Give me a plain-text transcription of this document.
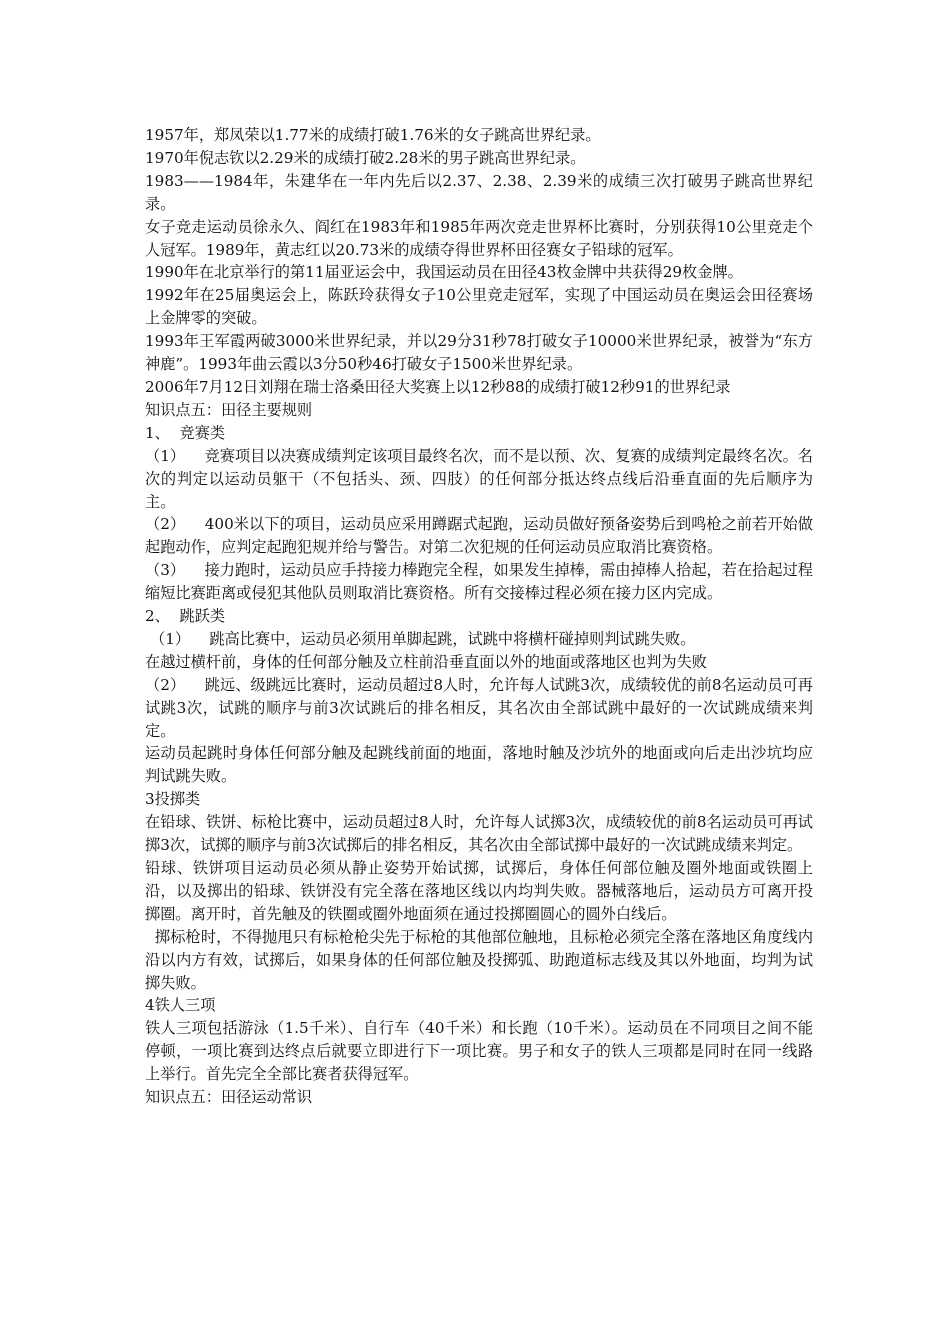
1957年，郑凤荣以1.77米的成绩打破1.76米的女子跳高世界纪录。

1970年倪志钦以2.29米的成绩打破2.28米的男子跳高世界纪录。

1983——1984年，朱建华在一年内先后以2.37、2.38、2.39米的成绩三次打破男子跳高世界纪录。

女子竞走运动员徐永久、阎红在1983年和1985年两次竞走世界杯比赛时，分别获得10公里竞走个人冠军。1989年，黄志红以20.73米的成绩夺得世界杯田径赛女子铅球的冠军。

1990年在北京举行的第11届亚运会中，我国运动员在田径43枚金牌中共获得29枚金牌。

1992年在25届奥运会上，陈跃玲获得女子10公里竞走冠军，实现了中国运动员在奥运会田径赛场上金牌零的突破。

1993年王军霞两破3000米世界纪录，并以29分31秒78打破女子10000米世界纪录，被誉为“东方神鹿”。1993年曲云霞以3分50秒46打破女子1500米世界纪录。

2006年7月12日刘翔在瑞士洛桑田径大奖赛上以12秒88的成绩打破12秒91的世界纪录

知识点五：田径主要规则

1、  竞赛类

（1）    竞赛项目以决赛成绩判定该项目最终名次，而不是以预、次、复赛的成绩判定最终名次。名次的判定以运动员躯干（不包括头、颈、四肢）的任何部分抵达终点线后沿垂直面的先后顺序为主。

（2）    400米以下的项目，运动员应采用蹲踞式起跑，运动员做好预备姿势后到鸣枪之前若开始做起跑动作，应判定起跑犯规并给与警告。对第二次犯规的任何运动员应取消比赛资格。

（3）    接力跑时，运动员应手持接力棒跑完全程，如果发生掉棒，需由掉棒人拾起，若在拾起过程缩短比赛距离或侵犯其他队员则取消比赛资格。所有交接棒过程必须在接力区内完成。

2、  跳跃类

（1）    跳高比赛中，运动员必须用单脚起跳，试跳中将横杆碰掉则判试跳失败。

在越过横杆前，身体的任何部分触及立柱前沿垂直面以外的地面或落地区也判为失败

（2）    跳远、级跳远比赛时，运动员超过8人时，允许每人试跳3次，成绩较优的前8名运动员可再试跳3次，试跳的顺序与前3次试跳后的排名相反，其名次由全部试跳中最好的一次试跳成绩来判定。

运动员起跳时身体任何部分触及起跳线前面的地面，落地时触及沙坑外的地面或向后走出沙坑均应判试跳失败。

3投掷类

在铅球、铁饼、标枪比赛中，运动员超过8人时，允许每人试掷3次，成绩较优的前8名运动员可再试掷3次，试掷的顺序与前3次试掷后的排名相反，其名次由全部试掷中最好的一次试跳成绩来判定。

铅球、铁饼项目运动员必须从静止姿势开始试掷，试掷后，身体任何部位触及圈外地面或铁圈上沿，以及掷出的铅球、铁饼没有完全落在落地区线以内均判失败。器械落地后，运动员方可离开投掷圈。离开时，首先触及的铁圈或圈外地面须在通过投掷圈圆心的圆外白线后。

掷标枪时，不得抛甩只有标枪枪尖先于标枪的其他部位触地，且标枪必须完全落在落地区角度线内沿以内方有效，试掷后，如果身体的任何部位触及投掷弧、助跑道标志线及其以外地面，均判为试掷失败。

4铁人三项

铁人三项包括游泳（1.5千米）、自行车（40千米）和长跑（10千米）。运动员在不同项目之间不能停顿，一项比赛到达终点后就要立即进行下一项比赛。男子和女子的铁人三项都是同时在同一线路上举行。首先完全全部比赛者获得冠军。

知识点五：田径运动常识
